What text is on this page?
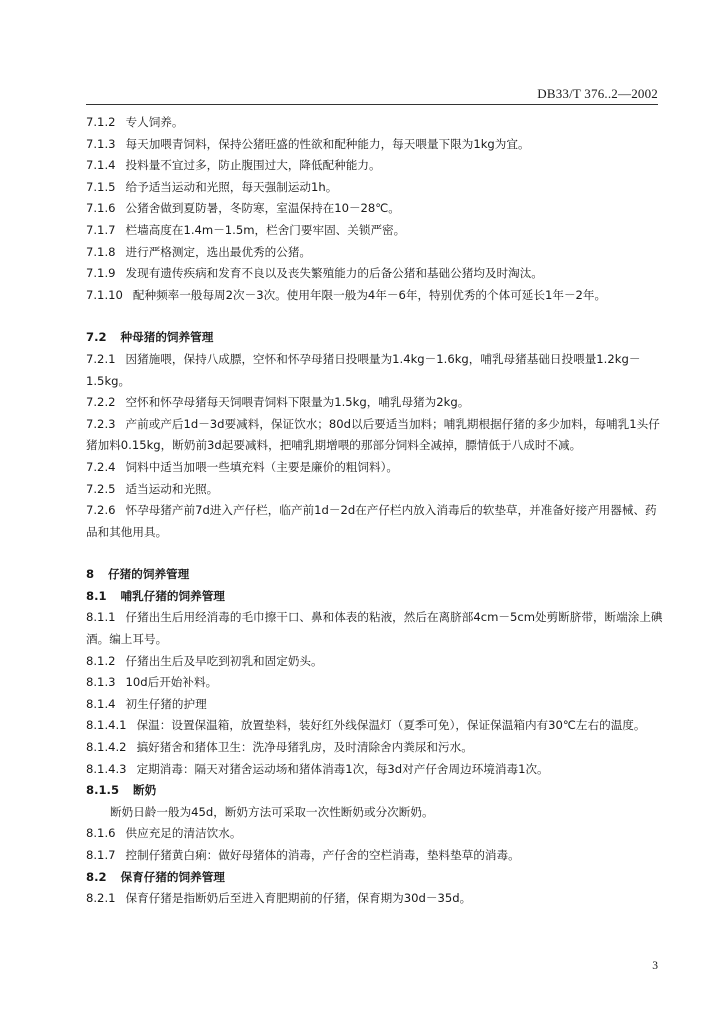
DB33/T 376..2—2002

7.1.2 专人饲养。

7.1.3 每天加喂青饲料，保持公猪旺盛的性欲和配种能力，每天喂量下限为1kg为宜。

7.1.4 投料量不宜过多，防止腹围过大，降低配种能力。

7.1.5 给予适当运动和光照，每天强制运动1h。

7.1.6 公猪舍做到夏防暑，冬防寒，室温保持在10－28℃。

7.1.7 栏墙高度在1.4m－1.5m，栏舍门要牢固、关锁严密。

7.1.8 进行严格测定，选出最优秀的公猪。

7.1.9 发现有遗传疾病和发育不良以及丧失繁殖能力的后备公猪和基础公猪均及时淘汰。

7.1.10 配种频率一般每周2次－3次。使用年限一般为4年－6年，特别优秀的个体可延长1年－2年。

7.2 种母猪的饲养管理

7.2.1 因猪施喂，保持八成膘，空怀和怀孕母猪日投喂量为1.4kg－1.6kg，哺乳母猪基础日投喂量1.2kg－1.5kg。

7.2.2 空怀和怀孕母猪每天饲喂青饲料下限量为1.5kg，哺乳母猪为2kg。

7.2.3 产前或产后1d－3d要减料，保证饮水；80d以后要适当加料；哺乳期根据仔猪的多少加料，每哺乳1头仔猪加料0.15kg，断奶前3d起要减料，把哺乳期增喂的那部分饲料全减掉，膘情低于八成时不减。

7.2.4 饲料中适当加喂一些填充料（主要是廉价的粗饲料）。

7.2.5 适当运动和光照。

7.2.6 怀孕母猪产前7d进入产仔栏，临产前1d－2d在产仔栏内放入消毒后的软垫草，并准备好接产用器械、药品和其他用具。

8 仔猪的饲养管理

8.1 哺乳仔猪的饲养管理

8.1.1 仔猪出生后用经消毒的毛巾擦干口、鼻和体表的粘液，然后在离脐部4cm－5cm处剪断脐带，断端涂上碘酒。编上耳号。

8.1.2 仔猪出生后及早吃到初乳和固定奶头。

8.1.3 10d后开始补料。

8.1.4 初生仔猪的护理

8.1.4.1 保温：设置保温箱，放置垫料，装好红外线保温灯（夏季可免），保证保温箱内有30℃左右的温度。

8.1.4.2 搞好猪舍和猪体卫生：洗净母猪乳房，及时清除舍内粪尿和污水。

8.1.4.3 定期消毒：隔天对猪舍运动场和猪体消毒1次，每3d对产仔舍周边环境消毒1次。

8.1.5 断奶

断奶日龄一般为45d，断奶方法可采取一次性断奶或分次断奶。

8.1.6 供应充足的清洁饮水。

8.1.7 控制仔猪黄白痢：做好母猪体的消毒，产仔舍的空栏消毒，垫料垫草的消毒。

8.2 保育仔猪的饲养管理

8.2.1 保育仔猪是指断奶后至进入育肥期前的仔猪，保育期为30d－35d。

3
